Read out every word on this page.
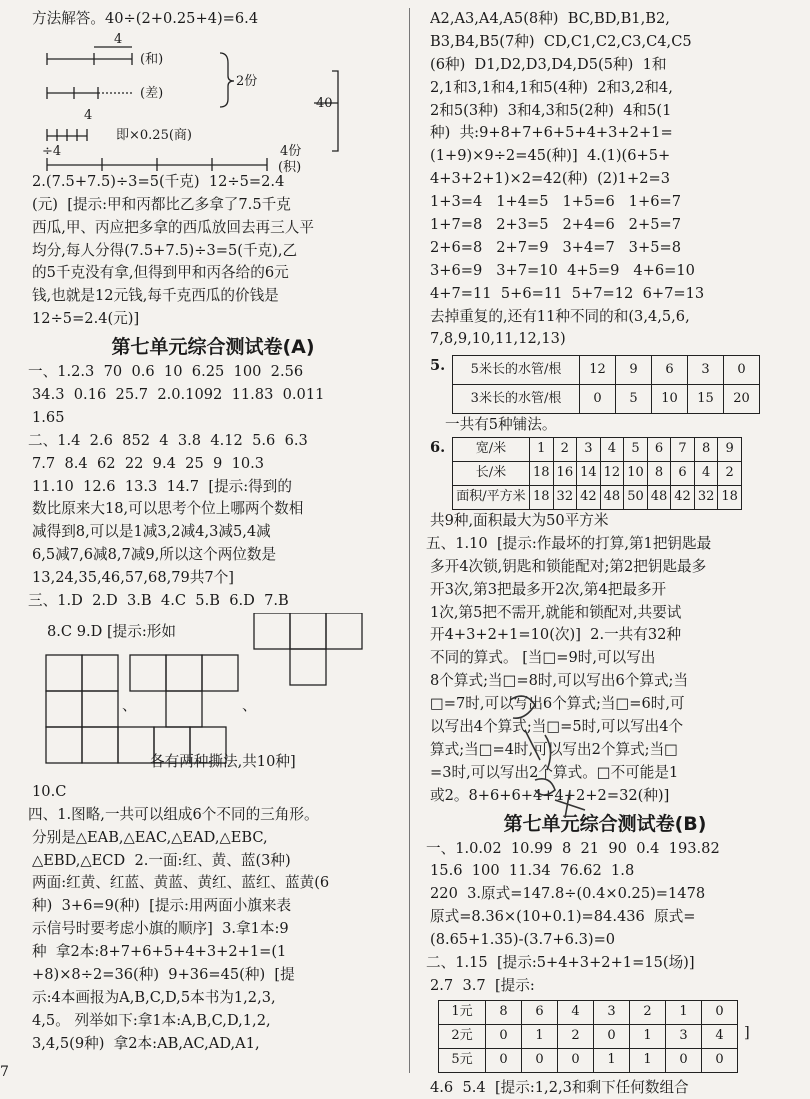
方法解答。40÷(2+0.25+4)=6.4
4
(和)
(差)
4
2份
÷4
即×0.25(商)
40
4份
(积)
2.(7.5+7.5)÷3=5(千克)  12÷5=2.4
(元)  [提示:甲和丙都比乙多拿了7.5千克
西瓜,甲、丙应把多拿的西瓜放回去再三人平
均分,每人分得(7.5+7.5)÷3=5(千克),乙
的5千克没有拿,但得到甲和丙各给的6元
钱,也就是12元钱,每千克西瓜的价钱是
12÷5=2.4(元)]
第七单元综合测试卷(A)
一、1.2.3  70  0.6  10  6.25  100  2.56
34.3  0.16  25.7  2.0.1092  11.83  0.011
1.65
二、1.4  2.6  852  4  3.8  4.12  5.6  6.3
7.7  8.4  62  22  9.4  25  9  10.3
11.10  12.6  13.3  14.7  [提示:得到的
数比原来大18,可以思考个位上哪两个数相
减得到8,可以是1减3,2减4,3减5,4减
6,5减7,6减8,7减9,所以这个两位数是
13,24,35,46,57,68,79共7个]
三、1.D  2.D  3.B  4.C  5.B  6.D  7.B
8.C 9.D [提示:形如
、	、
各有两种撕法,共10种]
10.C
四、1.图略,一共可以组成6个不同的三角形。
分别是△EAB,△EAC,△EAD,△EBC,
△EBD,△ECD  2.一面:红、黄、蓝(3种)
两面:红黄、红蓝、黄蓝、黄红、蓝红、蓝黄(6
种)  3+6=9(种)  [提示:用两面小旗来表
示信号时要考虑小旗的顺序]  3.拿1本:9
种  拿2本:8+7+6+5+4+3+2+1=(1
+8)×8÷2=36(种)  9+36=45(种)  [提
示:4本画报为A,B,C,D,5本书为1,2,3,
4,5。 列举如下:拿1本:A,B,C,D,1,2,
3,4,5(9种)  拿2本:AB,AC,AD,A1,
A2,A3,A4,A5(8种)  BC,BD,B1,B2,
B3,B4,B5(7种)  CD,C1,C2,C3,C4,C5
(6种)  D1,D2,D3,D4,D5(5种)  1和
2,1和3,1和4,1和5(4种)  2和3,2和4,
2和5(3种)  3和4,3和5(2种)  4和5(1
种)  共:9+8+7+6+5+4+3+2+1=
(1+9)×9÷2=45(种)]  4.(1)(6+5+
4+3+2+1)×2=42(种)  (2)1+2=3
1+3=4   1+4=5   1+5=6   1+6=7
1+7=8   2+3=5   2+4=6   2+5=7
2+6=8   2+7=9   3+4=7   3+5=8
3+6=9   3+7=10  4+5=9   4+6=10
4+7=11  5+6=11  5+7=12  6+7=13
去掉重复的,还有11种不同的和(3,4,5,6,
7,8,9,10,11,12,13)
5.	5米长的水管/根	12	9	6	3	0
3米长的水管/根	0	5	10	15	20
一共有5种铺法。
6.	宽/米	1	2	3	4	5	6	7	8	9
长/米	18	16	14	12	10	8	6	4	2
面积/平方米	18	32	42	48	50	48	42	32	18
共9种,面积最大为50平方米
五、1.10  [提示:作最坏的打算,第1把钥匙最
多开4次锁,钥匙和锁能配对;第2把钥匙最多
开3次,第3把最多开2次,第4把最多开
1次,第5把不需开,就能和锁配对,共要试
开4+3+2+1=10(次)]  2.一共有32种
不同的算式。 [当□=9时,可以写出
8个算式;当□=8时,可以写出6个算式;当
□=7时,可以写出6个算式;当□=6时,可
以写出4个算式;当□=5时,可以写出4个
算式;当□=4时,可以写出2个算式;当□
=3时,可以写出2个算式。□不可能是1
或2。8+6+6+4+4+2+2=32(种)]
第七单元综合测试卷(B)
一、1.0.02  10.99  8  21  90  0.4  193.82
15.6  100  11.34  76.62  1.8
220  3.原式=147.8÷(0.4×0.25)=1478
原式=8.36×(10+0.1)=84.436  原式=
(8.65+1.35)-(3.7+6.3)=0
二、1.15  [提示:5+4+3+2+1=15(场)]
2.7  3.7  [提示:
1元	8	6	4	3	2	1	0
2元	0	1	2	0	1	3	4
5元	0	0	0	1	1	0	0
]
4.6  5.4  [提示:1,2,3和剩下任何数组合
7
